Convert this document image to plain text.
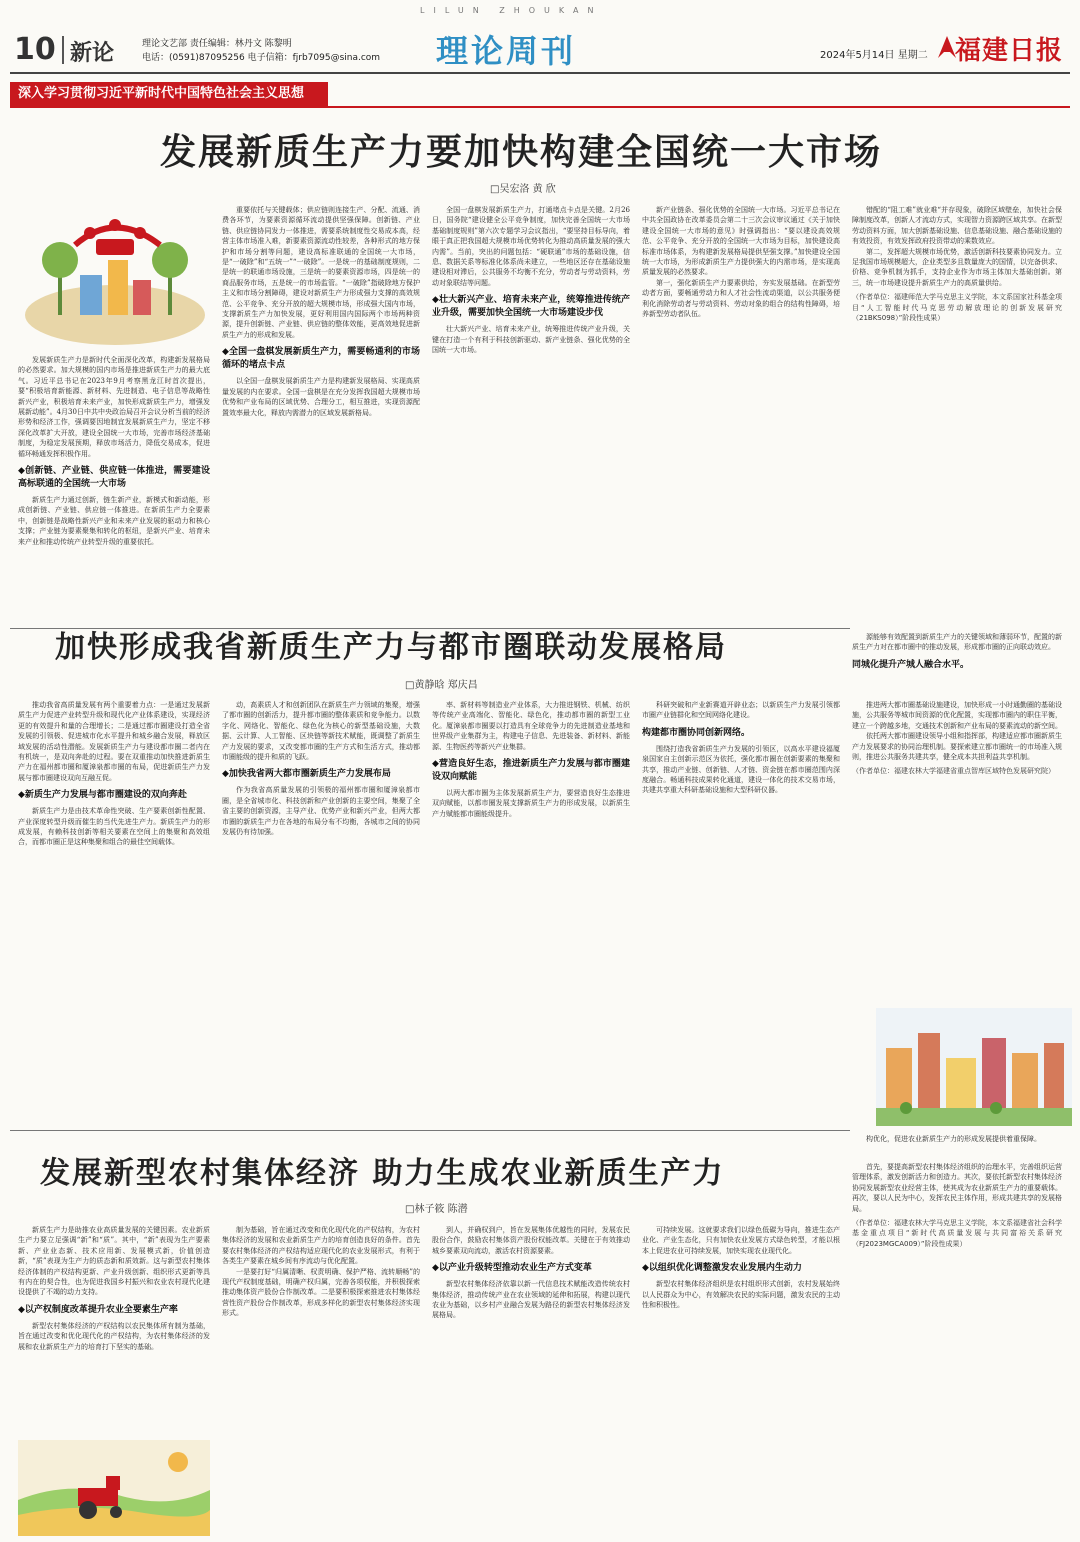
LILUN ZHOUKAN
10 新论	理论文艺部 责任编辑：林丹文 陈黎明
电话：(0591)87095256 电子信箱：fjrb7095@sina.com 理论周刊	2024年5月14日 星期二 福建日报
深入学习贯彻习近平新时代中国特色社会主义思想
发展新质生产力要加快构建全国统一大市场
□吴宏洛 黄 欣

发展新质生产力是新时代全面深化改革，构建新发展格局的必然要求。加大规模的国内市场是推进新质生产力的最大底气。习近平总书记在2023年9月考察黑龙江时首次提出，要“积极培育新能源、新材料、先进制造、电子信息等战略性新兴产业，积极培育未来产业，加快形成新质生产力，增强发展新动能”。4月30日中共中央政治局召开会议分析当前的经济形势和经济工作，强调要因地制宜发展新质生产力，坚定不移深化改革扩大开放，建设全国统一大市场，完善市场经济基础制度，为稳定发展预期，释放市场活力，降低交易成本，促进循环畅通发挥积极作用。

◆创新链、产业链、供应链一体推进，需要建设高标联通的全国统一大市场

新质生产力通过创新，链生新产业，新模式和新动能，形成创新链、产业链、供应链一体推进。在新质生产力全要素中，创新链是战略性新兴产业和未来产业发展的驱动力和核心支撑；产业链为要素聚集和转化的枢纽，是新兴产业、培育未来产业和推动传统产业转型升级的重要依托。

重要依托与关键载体；供应链则连接生产、分配、流通、消费各环节，为要素资源循环流动提供坚强保障。创新链、产业链、供应链协同发力一体推进，需要系统制度性交易成本高，经营主体市场准入难，新要素资源流动性较差，各种形式的地方保护和市场分割等问题，建设高标准联通的全国统一大市场，是“一破除”和“五统一”“一破除”。一是统一的基础制度规则，二是统一的联通市场设施，三是统一的要素资源市场，四是统一的商品服务市场，五是统一的市场监管。“一破除”指破除地方保护主义和市场分割障碍，建设对新质生产力形成强力支撑的高效规范、公平竞争、充分开放的超大规模市场，形成强大国内市场，支撑新质生产力加快发展，更好利用国内国际两个市场两种资源，提升创新链、产业链、供应链的整体效能，更高效地促进新质生产力的形成和发展。

◆全国一盘棋发展新质生产力，需要畅通利的市场循环的堵点卡点

以全国一盘棋发展新质生产力是构建新发展格局、实现高质量发展的内在要求。全国一盘棋是在充分发挥我国超大规模市场优势和产业布局的区域优势、合理分工，相互推进，实现资源配置效率最大化，释放内需潜力的区域发展新格局。

全国一盘棋发展新质生产力，打通堵点卡点是关键。2月26日，国务院“建设健全公平竞争制度，加快完善全国统一大市场基础制度规则”第六次专题学习会议指出，“要坚持目标导向，着眼于真正把我国超大规模市场优势转化为推动高质量发展的强大内需”。当前，突出的问题包括：“硬联通”市场的基础设施，信息、数据关系等标准化体系尚未建立，一些地区还存在基础设施建设相对滞后，公共服务不均衡不充分，劳动者与劳动资料，劳动对象联结等问题。

◆壮大新兴产业、培育未来产业，统筹推进传统产业升级，需要加快全国统一大市场建设步伐

壮大新兴产业、培育未来产业，统筹推进传统产业升级，关键在打造一个有利于科技创新驱动、新产业链条、强化优势的全国统一大市场。

新产业链条、强化优势的全国统一大市场。习近平总书记在中共全国政协在改革委员会第二十三次会议审议通过《关于加快建设全国统一大市场的意见》时强调指出：“要以建设高效规范、公平竞争、充分开放的全国统一大市场为目标，加快建设高标准市场体系，为构建新发展格局提供坚强支撑。”加快建设全国统一大市场，为形成新质生产力提供强大的内需市场，是实现高质量发展的必然要求。

第一，强化新质生产力要素供给，夯实发展基础。在新型劳动者方面，要畅通劳动力和人才社会性流动渠道，以公共服务便利化消除劳动者与劳动资料、劳动对象的组合的结构性障碍，培养新型劳动者队伍。

错配的“阻工难”就业难“并存现象，破除区域壁垒，加快社会保障制度改革，创新人才流动方式，实现智力资源跨区域共享。在新型劳动资料方面，加大创新基础设施、信息基础设施、融合基础设施的有效投资，有效发挥政府投资带动的乘数效应。

第二，发挥超大规模市场优势，激活创新科技要素协同发力。立足我国市场规模超大，企业类型多且数量庞大的国情，以完备供求、价格、竞争机制为抓手，支持企业作为市场主体加大基础创新。第三，统一市场建设提升新质生产力的高质量供给。

（作者单位：福建师范大学马克思主义学院，本文系国家社科基金项目“人工智能时代马克思劳动解放理论的创新发展研究（21BKS098）”阶段性成果）
加快形成我省新质生产力与都市圈联动发展格局
□黄静晗 郑庆昌

源能够有效配置到新质生产力的关键领域和薄弱环节，配置的新质生产力对在都市圈中的推动发展，形成都市圈的正向联动效应。

同城化提升产城人融合水平。

推动我省高质量发展有两个重要着力点：一是通过发展新质生产力促进产业转型升级和现代化产业体系建设，实现经济更的有效提升和量的合理增长；二是通过都市圈建设打造全省发展的引领极、促进城市化水平提升和城乡融合发展，释放区域发展的活动性潜能。发展新质生产力与建设都市圈二者内在有机统一，是双向奔赴的过程。要在双重推动加快推进新质生产力在福州都市圈和厦漳泉都市圈的布局，促进新质生产力发展与都市圈建设双向互融互促。

◆新质生产力发展与都市圈建设的双向奔赴

新质生产力是由技术革命性突破、生产要素创新性配置、产业深度转型升级而催生的当代先进生产力。新质生产力的形成发展，有赖科技创新等相关要素在空间上的集聚和高效组合，而都市圈正是这种集聚和组合的最佳空间载体。

动，高素质人才和创新团队在新质生产力领域的集聚，增强了都市圈的创新活力，提升都市圈的整体素质和竞争能力。以数字化、网络化、智能化、绿色化为核心的新型基础设施，大数据、云计算、人工智能、区块链等新技术赋能，既调整了新质生产力发展的要求，又改变都市圈的生产方式和生活方式，推动都市圈能级的提升和质的飞跃。

◆加快我省两大都市圈新质生产力发展布局

作为我省高质量发展的引领极的福州都市圈和厦漳泉都市圈，是全省城市化、科技创新和产业创新的主要空间，集聚了全省主要的创新资源，主导产业、优势产业和新兴产业，但两大都市圈的新质生产力在各地的布局分布不均衡，各城市之间的协同发展仍有待加强。

率、新材料等制造业产业体系，大力推进钢铁、机械、纺织等传统产业高端化、智能化、绿色化，推动都市圈的新型工业化。厦漳泉都市圈要以打造具有全球竞争力的先进制造业基地和世界级产业集群为主，构建电子信息、先进装备、新材料、新能源、生物医药等新兴产业集群。

◆营造良好生态，推进新质生产力发展与都市圈建设双向赋能

以两大都市圈为主体发展新质生产力，要营造良好生态推进双向赋能，以都市圈发展支撑新质生产力的形成发展，以新质生产力赋能都市圈能级提升。

科研突破和产业新赛道开辟业态；以新质生产力发展引领都市圈产业链群化和空间网络化建设。

构建都市圈协同创新网络。

围绕打造我省新质生产力发展的引领区，以高水平建设福厦泉国家自主创新示范区为依托，强化都市圈在创新要素的集聚和共享，推动产业链、创新链、人才链、资金链在都市圈范围内深度融合。畅通科技成果转化通道，建设一体化的技术交易市场，共建共享重大科研基础设施和大型科研仪器。

推进两大都市圈基础设施建设，加快形成一小时通勤圈的基础设施，公共服务等城市间资源的优化配置，实现都市圈内的职住平衡，建立一个跨越多地，交通技术创新和产业布局的要素流动的新空间。

依托两大都市圈建设领导小组和指挥部，构建适应都市圈新质生产力发展要求的协同治理机制。要探索建立都市圈统一的市场准入规则，推进公共服务共建共享，健全成本共担利益共享机制。

（作者单位：福建农林大学福建省重点智库区域特色发展研究院）
发展新型农村集体经济 助力生成农业新质生产力
□林子筱 陈潜

构优化，促进农业新质生产力的形成发展提供着重保障。

新质生产力是助推农业高质量发展的关键因素。农业新质生产力要立足强调“新”和“质”。其中，“新”表现为生产要素新、产业业态新、技术应用新、发展模式新，价值创造新，“质”表现为生产力的质态新和质效新。这与新型农村集体经济体制的产权结构更新、产业升级创新、组织形式更新等具有内在的契合性，也为促进我国乡村振兴和农业农村现代化建设提供了不竭的动力支持。

◆以产权制度改革提升农业全要素生产率

新型农村集体经济的产权结构以农民集体所有制为基础，旨在通过改变和优化现代化的产权结构，为农村集体经济的发展和农业新质生产力的培育打下坚实的基础。

制为基础，旨在通过改变和优化现代化的产权结构，为农村集体经济的发展和农业新质生产力的培育创造良好的条件。首先要农村集体经济的产权结构适应现代化的农业发展形式，有利于各类生产要素在城乡间有序流动与优化配置。

一是要打好“归属清晰、权责明确、保护严格、流转顺畅”的现代产权制度基础，明确产权归属，完善各项权能，并积极探索推动集体资产股份合作制改革。二是要积极探索推进农村集体经营性资产股份合作制改革，形成多样化的新型农村集体经济实现形式。

到人，并确权到户，旨在发展集体优越性的同时，发展农民股份合作，鼓励农村集体资产股份权能改革。关键在于有效推动城乡要素双向流动，激活农村资源要素。

◆以产业升级转型推动农业生产方式变革

新型农村集体经济依靠以新一代信息技术赋能改造传统农村集体经济，推动传统产业在农业领域的延伸和拓展，构建以现代农业为基础，以乡村产业融合发展为路径的新型农村集体经济发展格局。

可持续发展。这就要求我们以绿色低碳为导向，推进生态产业化、产业生态化，只有加快农业发展方式绿色转型，才能以根本上促进农业可持续发展，加快实现农业现代化。

◆以组织优化调整激发农业发展内生动力

新型农村集体经济组织是农村组织形式创新，农村发展始终以人民群众为中心，有效解决农民的实际问题，激发农民的主动性和积极性。

首先，要提高新型农村集体经济组织的治理水平，完善组织运营管理体系，激发创新活力和创造力。其次，要依托新型农村集体经济协同发展新型农业经营主体，使其成为农业新质生产力的重要载体。再次，要以人民为中心，发挥农民主体作用，形成共建共享的发展格局。

（作者单位：福建农林大学马克思主义学院，本文系福建省社会科学基金重点项目“新时代高质量发展与共同富裕关系研究（FJ2023MGCA009）”阶段性成果）
